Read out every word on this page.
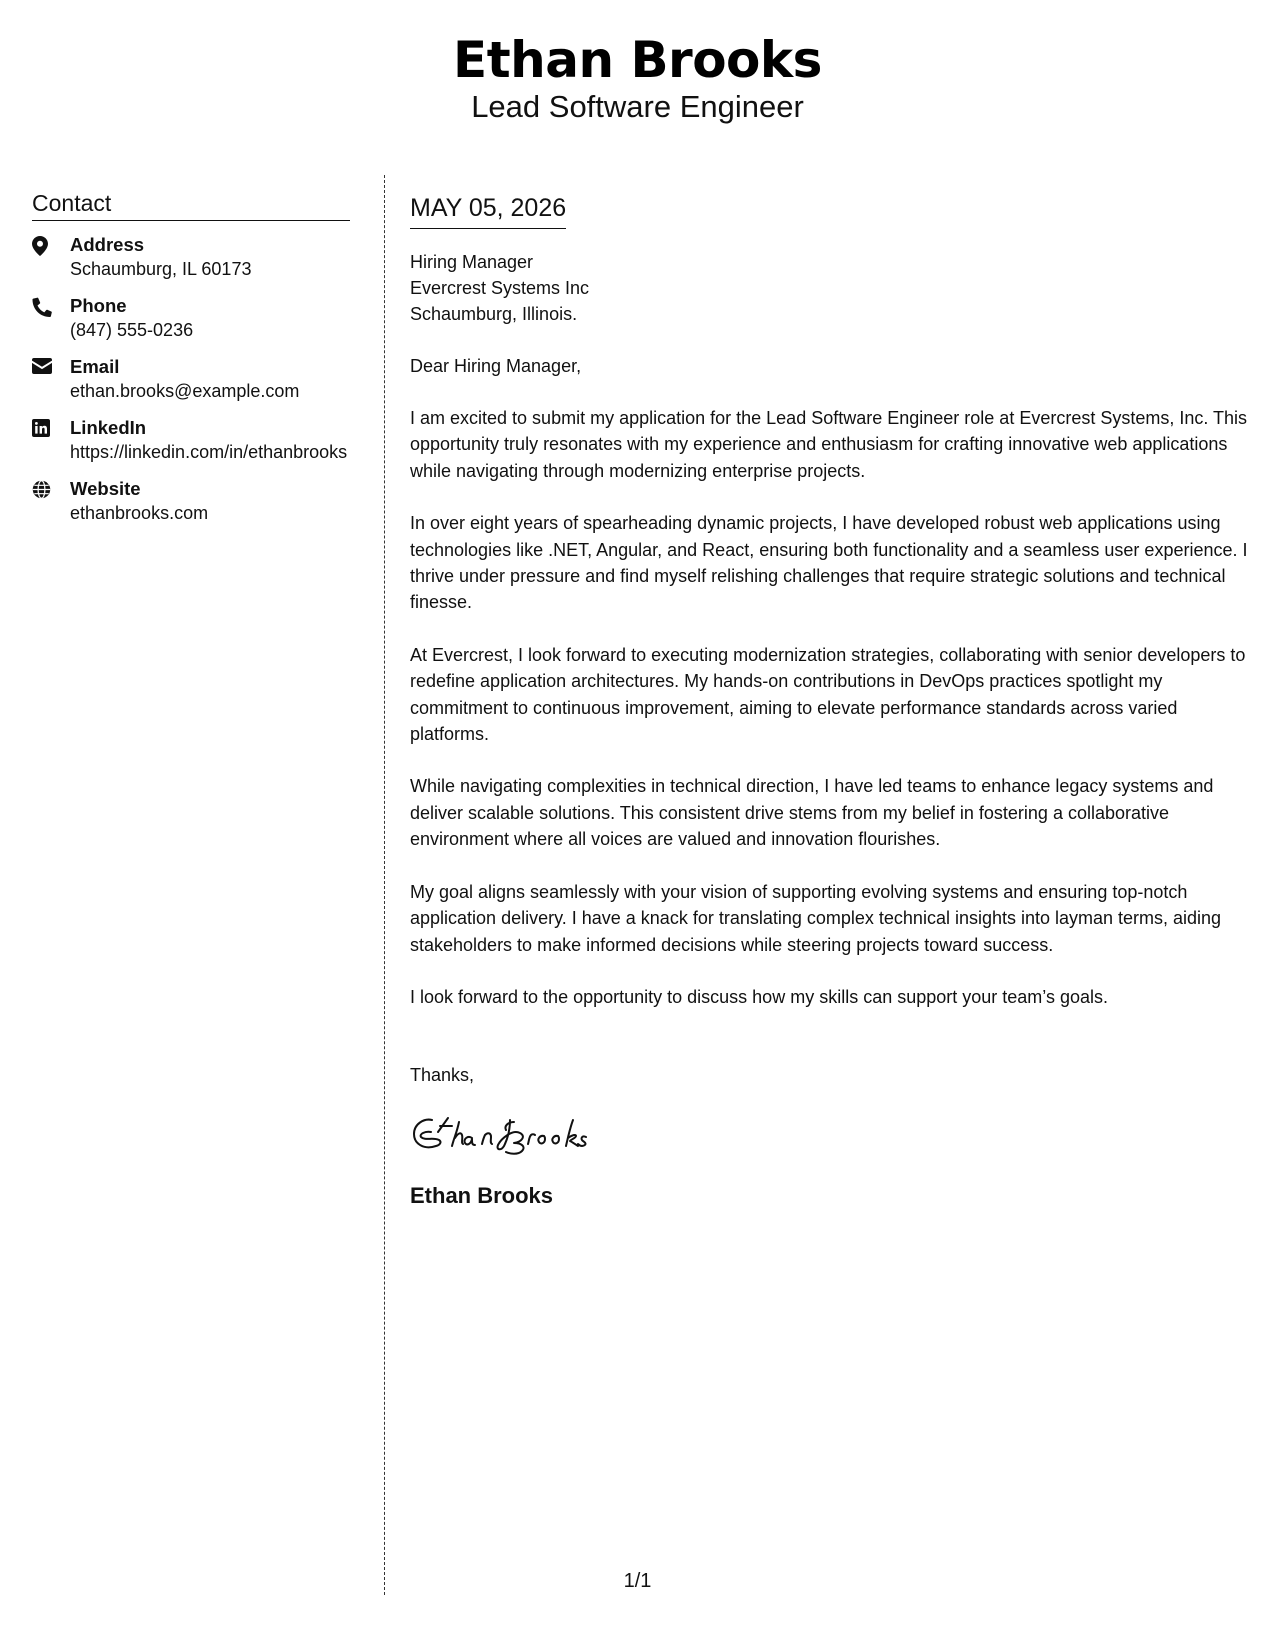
Ethan Brooks
Lead Software Engineer
Contact
Address
Schaumburg, IL 60173
Phone
(847) 555-0236
Email
ethan.brooks@example.com
LinkedIn
https://linkedin.com/in/ethanbrooks
Website
ethanbrooks.com
MAY 05, 2026
Hiring Manager
Evercrest Systems Inc
Schaumburg, Illinois.
Dear Hiring Manager,
I am excited to submit my application for the Lead Software Engineer role at Evercrest Systems, Inc. This opportunity truly resonates with my experience and enthusiasm for crafting innovative web applications while navigating through modernizing enterprise projects.
In over eight years of spearheading dynamic projects, I have developed robust web applications using technologies like .NET, Angular, and React, ensuring both functionality and a seamless user experience. I thrive under pressure and find myself relishing challenges that require strategic solutions and technical finesse.
At Evercrest, I look forward to executing modernization strategies, collaborating with senior developers to redefine application architectures. My hands-on contributions in DevOps practices spotlight my commitment to continuous improvement, aiming to elevate performance standards across varied platforms.
While navigating complexities in technical direction, I have led teams to enhance legacy systems and deliver scalable solutions. This consistent drive stems from my belief in fostering a collaborative environment where all voices are valued and innovation flourishes.
My goal aligns seamlessly with your vision of supporting evolving systems and ensuring top-notch application delivery. I have a knack for translating complex technical insights into layman terms, aiding stakeholders to make informed decisions while steering projects toward success.
I look forward to the opportunity to discuss how my skills can support your team’s goals.
Thanks,
Ethan Brooks
1/1
